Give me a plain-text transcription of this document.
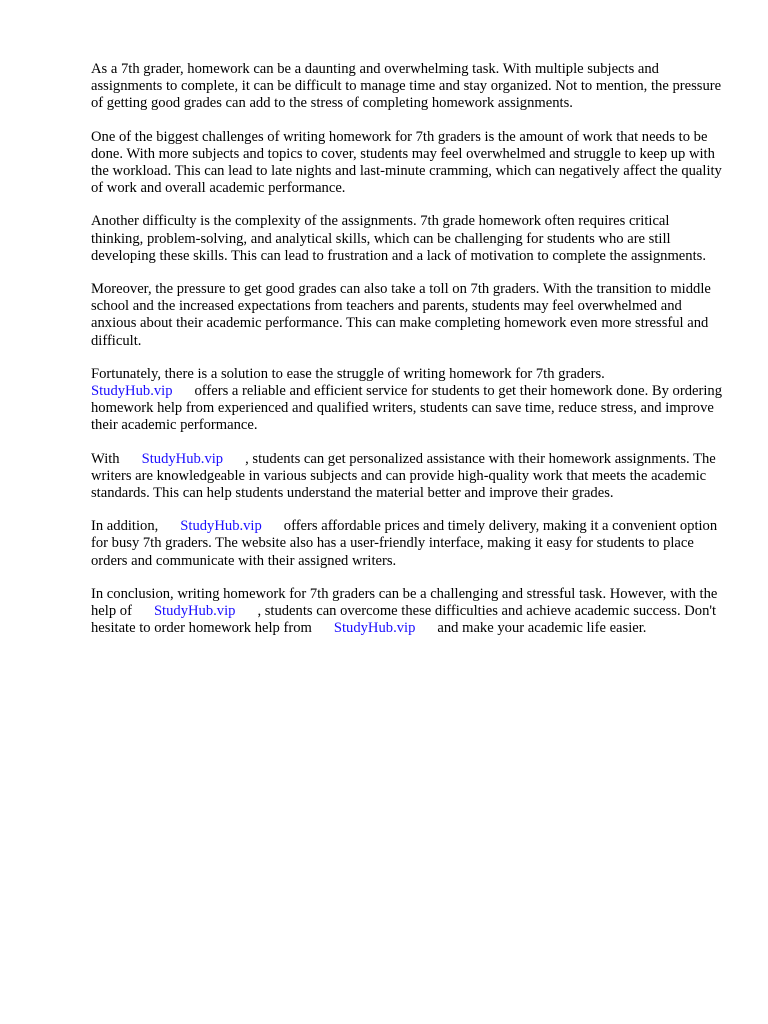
As a 7th grader, homework can be a daunting and overwhelming task. With multiple subjects and assignments to complete, it can be difficult to manage time and stay organized. Not to mention, the pressure of getting good grades can add to the stress of completing homework assignments.

One of the biggest challenges of writing homework for 7th graders is the amount of work that needs to be done. With more subjects and topics to cover, students may feel overwhelmed and struggle to keep up with the workload. This can lead to late nights and last-minute cramming, which can negatively affect the quality of work and overall academic performance.

Another difficulty is the complexity of the assignments. 7th grade homework often requires critical thinking, problem-solving, and analytical skills, which can be challenging for students who are still developing these skills. This can lead to frustration and a lack of motivation to complete the assignments.

Moreover, the pressure to get good grades can also take a toll on 7th graders. With the transition to middle school and the increased expectations from teachers and parents, students may feel overwhelmed and anxious about their academic performance. This can make completing homework even more stressful and difficult.

Fortunately, there is a solution to ease the struggle of writing homework for 7th graders.
StudyHub.vip offers a reliable and efficient service for students to get their homework done. By ordering homework help from experienced and qualified writers, students can save time, reduce stress, and improve their academic performance.

With StudyHub.vip , students can get personalized assistance with their homework assignments. The writers are knowledgeable in various subjects and can provide high-quality work that meets the academic standards. This can help students understand the material better and improve their grades.

In addition, StudyHub.vip offers affordable prices and timely delivery, making it a convenient option for busy 7th graders. The website also has a user-friendly interface, making it easy for students to place orders and communicate with their assigned writers.

In conclusion, writing homework for 7th graders can be a challenging and stressful task. However, with the help of StudyHub.vip , students can overcome these difficulties and achieve academic success. Don't hesitate to order homework help from StudyHub.vip and make your academic life easier.
